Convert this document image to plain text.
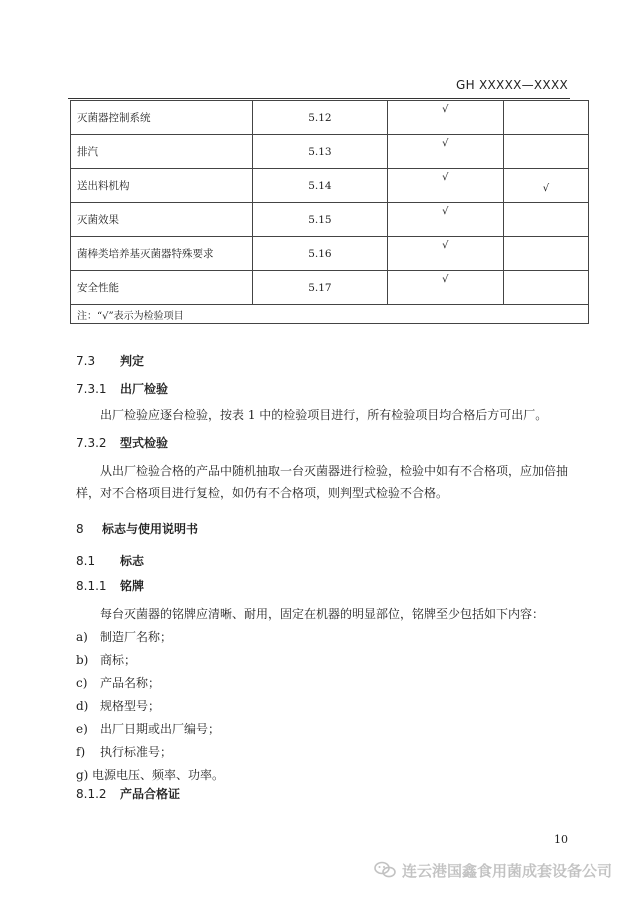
GH XXXXX—XXXX
灭菌器控制系统	5.12	√	

排汽	5.13	√	

送出料机构	5.14	√	√

灭菌效果	5.15	√	

菌棒类培养基灭菌器特殊要求	5.16	√	

安全性能	5.17	√	

注：“√”表示为检验项目			
7.3 判定
7.3.1 出厂检验
出厂检验应逐台检验，按表 1 中的检验项目进行，所有检验项目均合格后方可出厂。
7.3.2 型式检验
从出厂检验合格的产品中随机抽取一台灭菌器进行检验，检验中如有不合格项，应加倍抽样，对不合格项目进行复检，如仍有不合格项，则判型式检验不合格。
8 标志与使用说明书
8.1 标志
8.1.1 铭牌
每台灭菌器的铭牌应清晰、耐用，固定在机器的明显部位，铭牌至少包括如下内容：
a) 制造厂名称；
b) 商标；
c) 产品名称；
d) 规格型号；
e) 出厂日期或出厂编号；
f) 执行标准号；
g) 电源电压、频率、功率。
8.1.2 产品合格证
10
连云港国鑫食用菌成套设备公司
